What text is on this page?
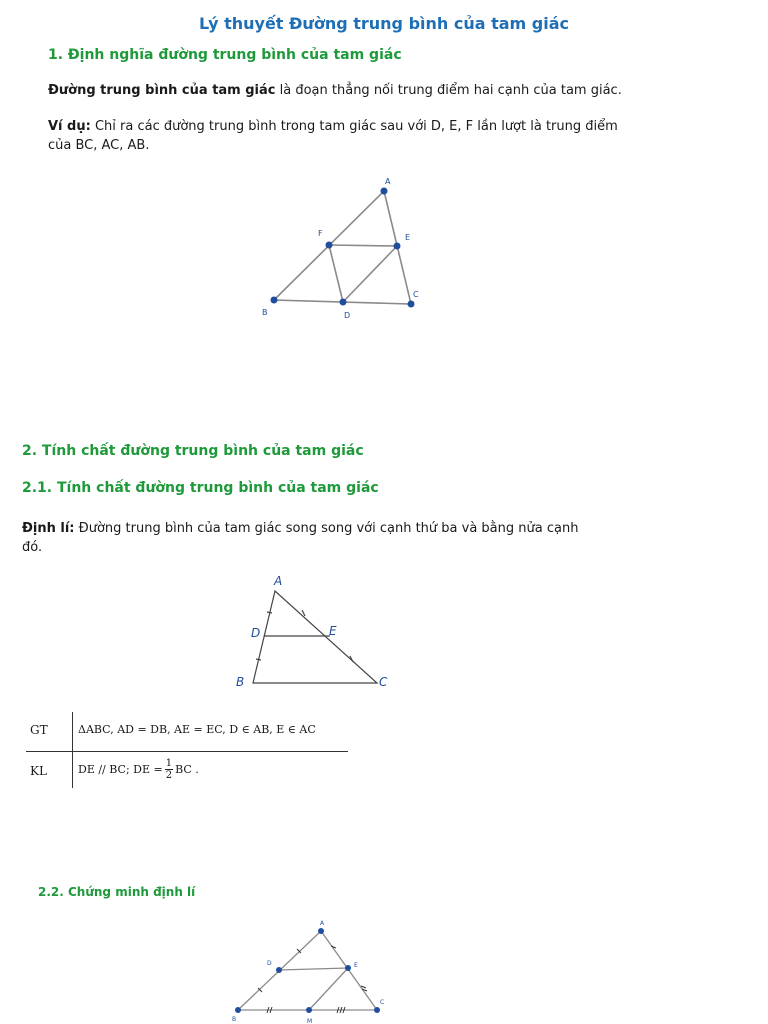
Lý thuyết Đường trung bình của tam giác
1. Định nghĩa đường trung bình của tam giác
Đường trung bình của tam giác là đoạn thẳng nối trung điểm hai cạnh của tam giác.
Ví dụ: Chỉ ra các đường trung bình trong tam giác sau với D, E, F lần lượt là trung điểm
của BC, AC, AB.
A
B
C
D
E
F
2. Tính chất đường trung bình của tam giác
2.1. Tính chất đường trung bình của tam giác
Định lí: Đường trung bình của tam giác song song với cạnh thứ ba và bằng nửa cạnh
đó.
A
B	C
D	E
GT	ΔABC, AD = DB, AE = EC, D ∈ AB, E ∈ AC
KL	DE // BC; DE = $\frac{1}{2}$ BC .
2.2. Chứng minh định lí
A
B
C
D	E
M
